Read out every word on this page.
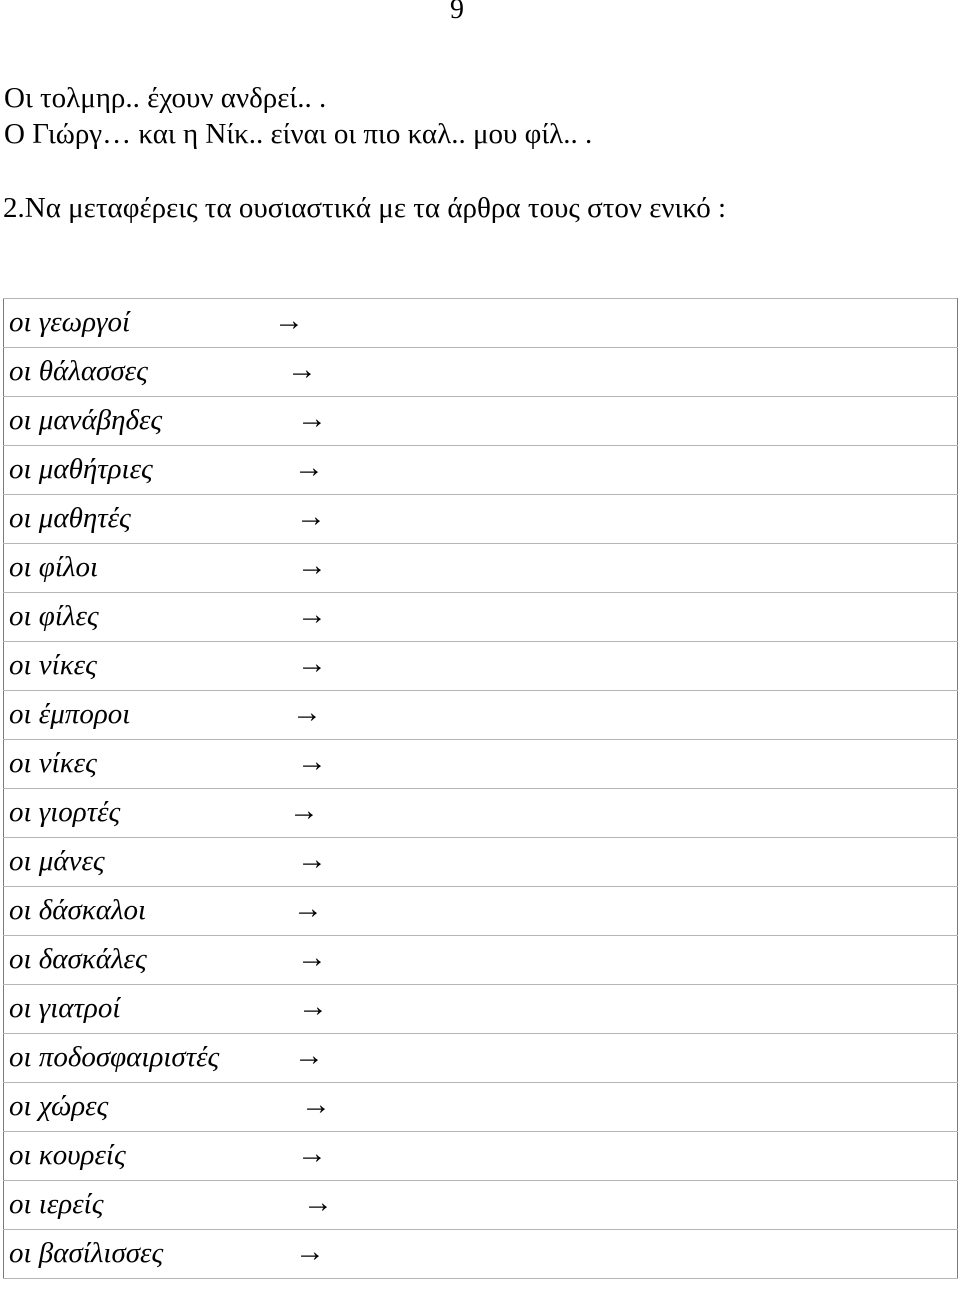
9
Οι τολμηρ.. έχουν ανδρεί.. .
Ο Γιώργ… και η Νίκ.. είναι οι πιο καλ.. μου φίλ.. .
2.Να μεταφέρεις τα ουσιαστικά με τα άρθρα τους στον ενικό :
οι γεωργοί	→

οι θάλασσες	→

οι μανάβηδες	→

οι μαθήτριες	→

οι μαθητές	→

οι φίλοι	→

οι φίλες	→

οι νίκες	→

οι έμποροι	→

οι νίκες	→

οι γιορτές	→

οι μάνες	→

οι δάσκαλοι	→

οι δασκάλες	→

οι γιατροί	→

οι ποδοσφαιριστές →

οι χώρες	→

οι κουρείς	→

οι ιερείς	→

οι βασίλισσες	→
